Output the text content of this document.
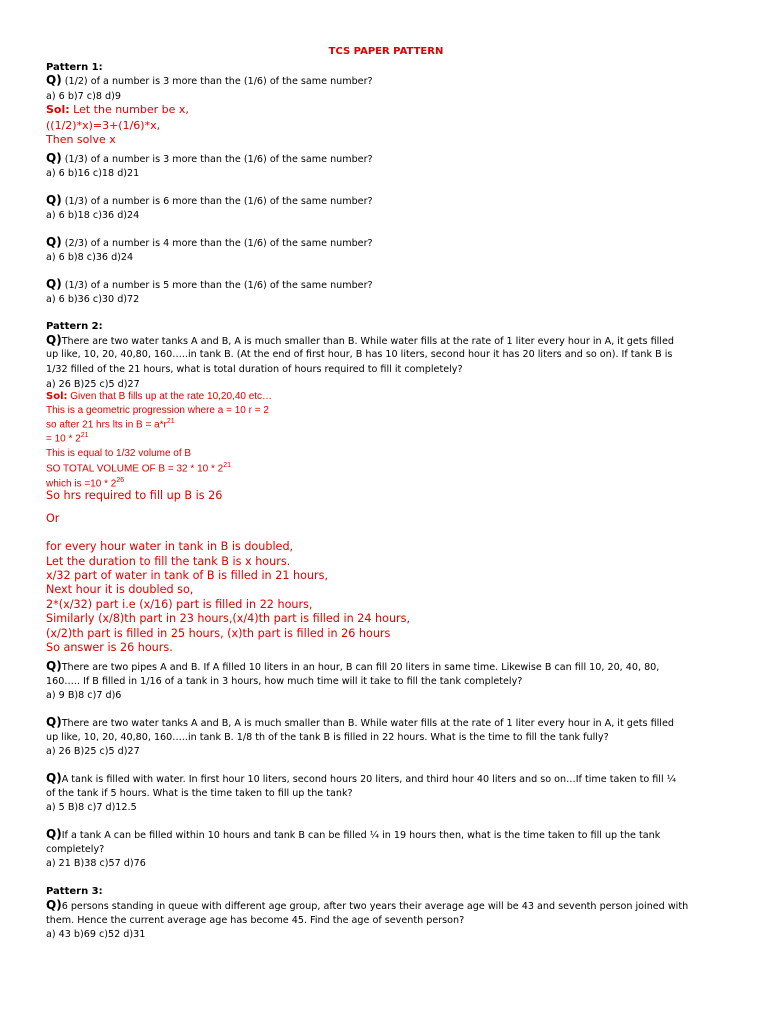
TCS PAPER PATTERN
Pattern 1:
Q) (1/2) of a number is 3 more than the (1/6) of the same number?
a) 6 b)7 c)8 d)9
Sol: Let the number be x,
((1/2)*x)=3+(1/6)*x,
Then solve x
Q) (1/3) of a number is 3 more than the (1/6) of the same number?
a) 6 b)16 c)18 d)21
Q) (1/3) of a number is 6 more than the (1/6) of the same number?
a) 6 b)18 c)36 d)24
Q) (2/3) of a number is 4 more than the (1/6) of the same number?
a) 6 b)8 c)36 d)24
Q) (1/3) of a number is 5 more than the (1/6) of the same number?
a) 6 b)36 c)30 d)72
Pattern 2:
Q)There are two water tanks A and B, A is much smaller than B. While water fills at the rate of 1 liter every hour in A, it gets filled
up like, 10, 20, 40,80, 160…..in tank B. (At the end of first hour, B has 10 liters, second hour it has 20 liters and so on). If tank B is
1/32 filled of the 21 hours, what is total duration of hours required to fill it completely?
a) 26 B)25 c)5 d)27
Sol: Given that B fills up at the rate 10,20,40 etc…
This is a geometric progression where a = 10 r = 2
so after 21 hrs lts in $B = a*r^{21}$
= $10 * 2^{21}$
This is equal to 1/32 volume of B
SO TOTAL VOLUME OF $B = 32 * 10 * 2^{21}$
which is $=10 * 2^{26}$
So hrs required to fill up B is 26
Or
for every hour water in tank in B is doubled,
Let the duration to fill the tank B is x hours.
x/32 part of water in tank of B is filled in 21 hours,
Next hour it is doubled so,
2*(x/32) part i.e (x/16) part is filled in 22 hours,
Similarly (x/8)th part in 23 hours,(x/4)th part is filled in 24 hours,
(x/2)th part is filled in 25 hours, (x)th part is filled in 26 hours
So answer is 26 hours.
Q)There are two pipes A and B. If A filled 10 liters in an hour, B can fill 20 liters in same time. Likewise B can fill 10, 20, 40, 80,
160….. If B filled in 1/16 of a tank in 3 hours, how much time will it take to fill the tank completely?
a) 9 B)8 c)7 d)6
Q)There are two water tanks A and B, A is much smaller than B. While water fills at the rate of 1 liter every hour in A, it gets filled
up like, 10, 20, 40,80, 160…..in tank B. 1/8 th of the tank B is filled in 22 hours. What is the time to fill the tank fully?
a) 26 B)25 c)5 d)27
Q)A tank is filled with water. In first hour 10 liters, second hours 20 liters, and third hour 40 liters and so on…If time taken to fill ¼
of the tank if 5 hours. What is the time taken to fill up the tank?
a) 5 B)8 c)7 d)12.5
Q)If a tank A can be filled within 10 hours and tank B can be filled ¼ in 19 hours then, what is the time taken to fill up the tank
completely?
a) 21 B)38 c)57 d)76
Pattern 3:
Q)6 persons standing in queue with different age group, after two years their average age will be 43 and seventh person joined with
them. Hence the current average age has become 45. Find the age of seventh person?
a) 43 b)69 c)52 d)31
